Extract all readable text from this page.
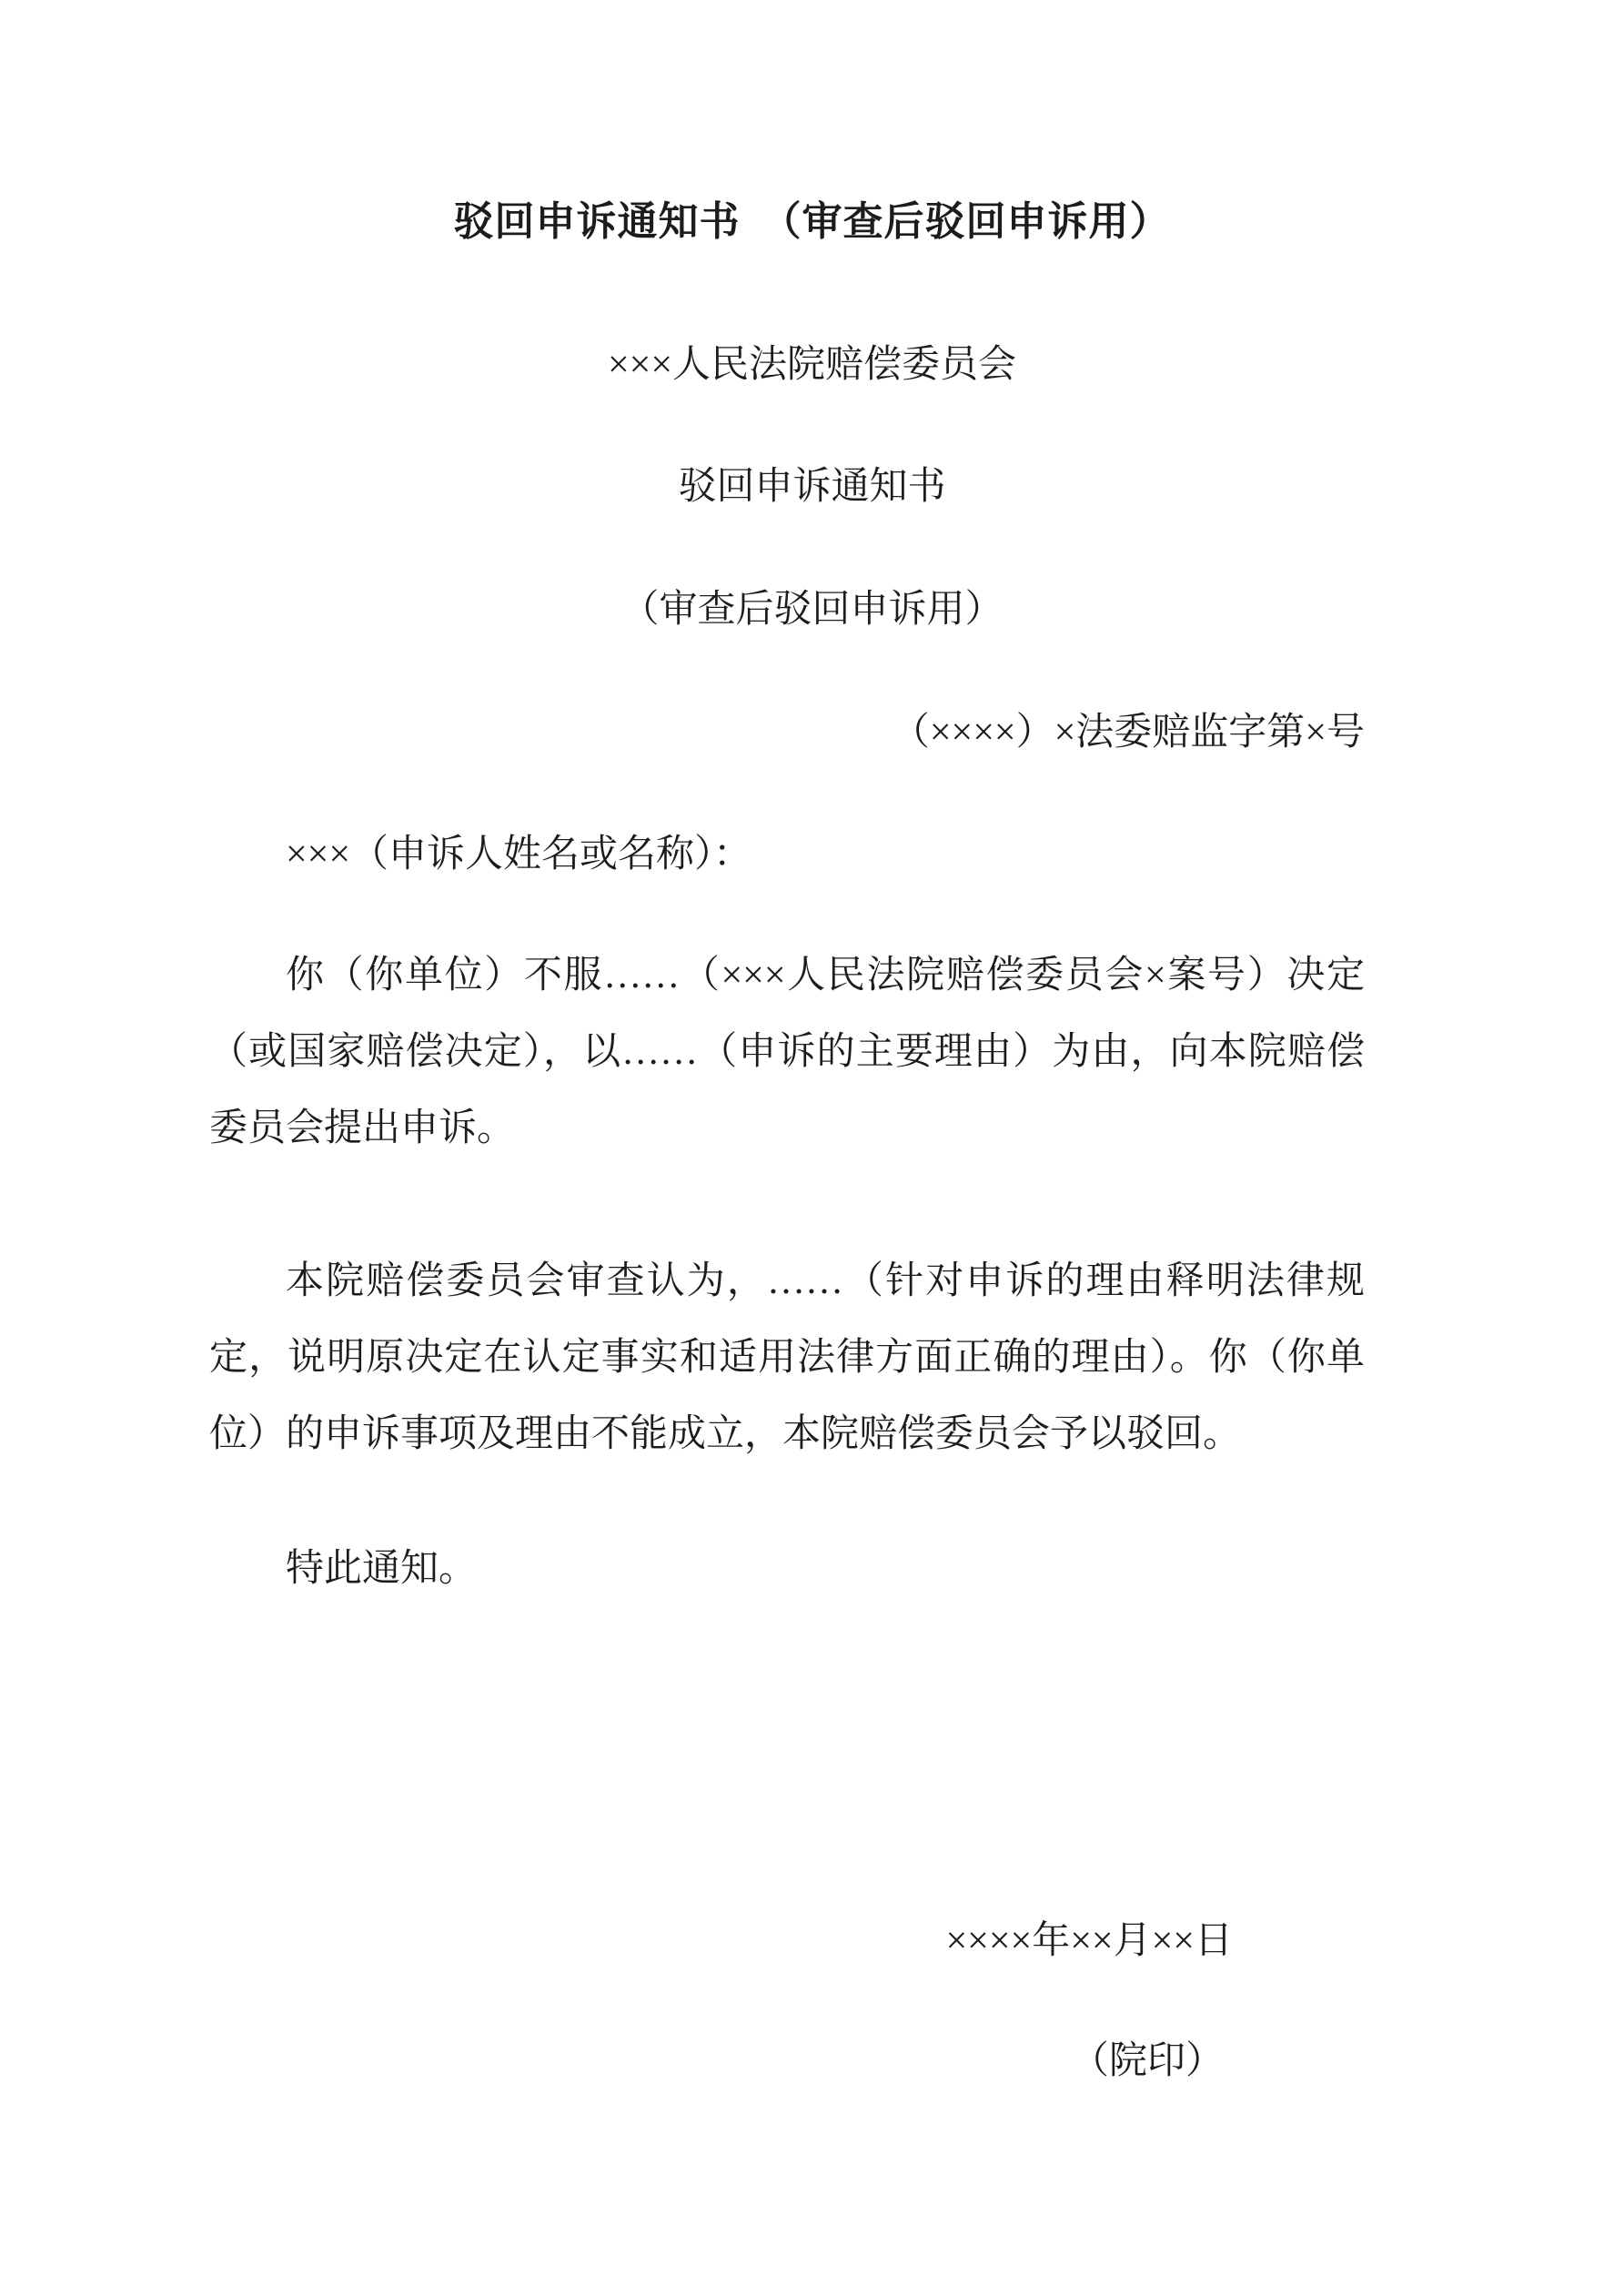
驳回申诉通知书　（审查后驳回申诉用）
×××人民法院赔偿委员会
驳回申诉通知书
（审查后驳回申诉用）
（××××）×法委赔监字第×号
×××（申诉人姓名或名称）：

你（你单位）不服……（×××人民法院赔偿委员会×案号）决定（或国家赔偿决定），以……（申诉的主要理由）为由，向本院赔偿委员会提出申诉。

本院赔偿委员会审查认为，……（针对申诉的理由释明法律规定，说明原决定在认定事实和适用法律方面正确的理由）。你（你单位）的申诉事项及理由不能成立，本院赔偿委员会予以驳回。

特此通知。

××××年××月××日
（院印）
